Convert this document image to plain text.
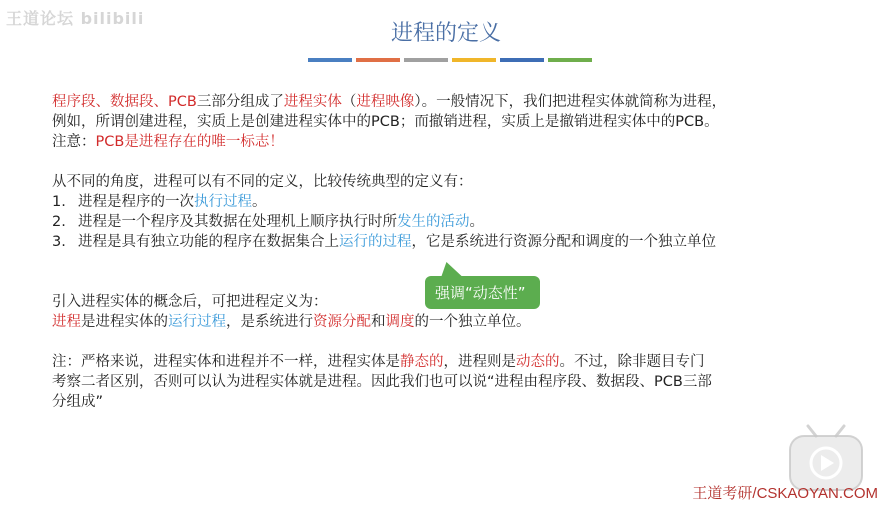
王道论坛 bilibili
进程的定义

程序段、数据段、PCB三部分组成了进程实体（进程映像）。一般情况下，我们把进程实体就简称为进程，

例如，所谓创建进程，实质上是创建进程实体中的PCB；而撤销进程，实质上是撤销进程实体中的PCB。

注意：PCB是进程存在的唯一标志！

从不同的角度，进程可以有不同的定义，比较传统典型的定义有：

1. 进程是程序的一次执行过程。
2. 进程是一个程序及其数据在处理机上顺序执行时所发生的活动。
3. 进程是具有独立功能的程序在数据集合上运行的过程，它是系统进行资源分配和调度的一个独立单位

引入进程实体的概念后，可把进程定义为：

进程是进程实体的运行过程，是系统进行资源分配和调度的一个独立单位。

注：严格来说，进程实体和进程并不一样，进程实体是静态的，进程则是动态的。不过，除非题目专门

考察二者区别，否则可以认为进程实体就是进程。因此我们也可以说“进程由程序段、数据段、PCB三部

分组成”

强调“动态性”
王道考研/CSKAOYAN.COM
